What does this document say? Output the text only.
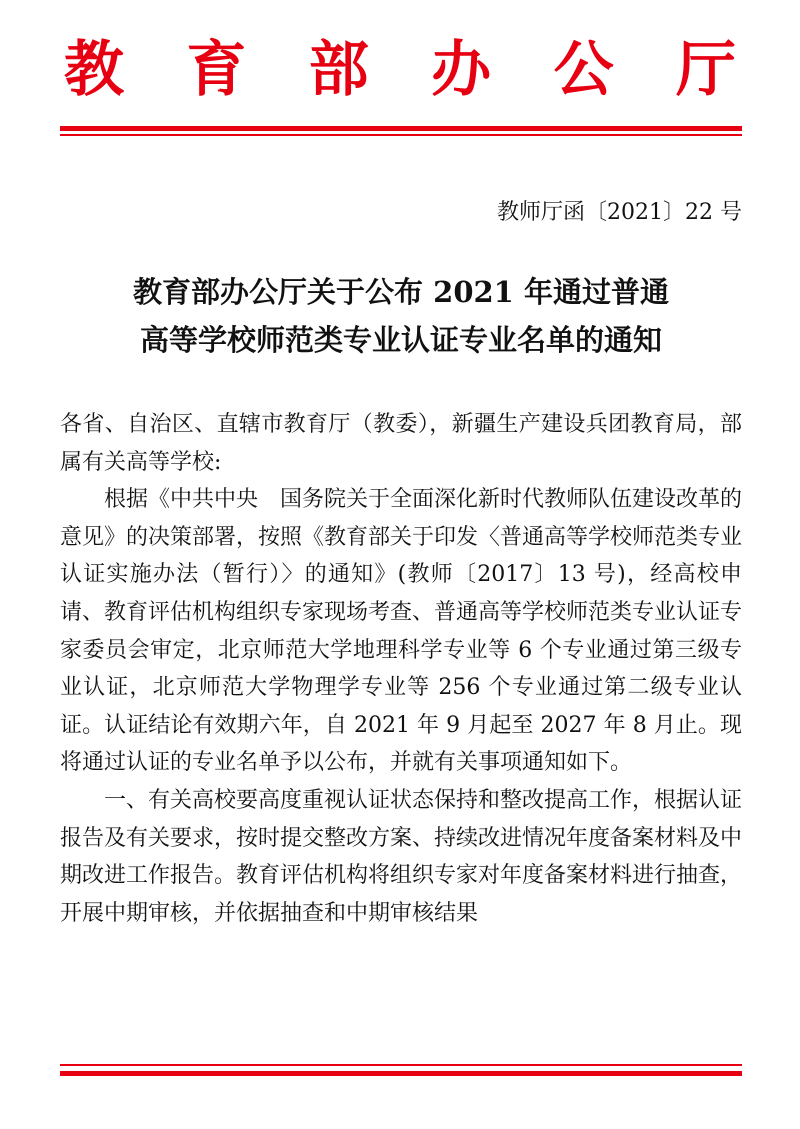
教 育 部 办 公 厅
教师厅函〔2021〕22 号
教育部办公厅关于公布 2021 年通过普通
高等学校师范类专业认证专业名单的通知

各省、自治区、直辖市教育厅（教委），新疆生产建设兵团教育局，部属有关高等学校:

根据《中共中央　国务院关于全面深化新时代教师队伍建设改革的意见》的决策部署，按照《教育部关于印发〈普通高等学校师范类专业认证实施办法（暂行）〉的通知》(教师〔2017〕13 号)，经高校申请、教育评估机构组织专家现场考查、普通高等学校师范类专业认证专家委员会审定，北京师范大学地理科学专业等 6 个专业通过第三级专业认证，北京师范大学物理学专业等 256 个专业通过第二级专业认证。认证结论有效期六年，自 2021 年 9 月起至 2027 年 8 月止。现将通过认证的专业名单予以公布，并就有关事项通知如下。

一、有关高校要高度重视认证状态保持和整改提高工作，根据认证报告及有关要求，按时提交整改方案、持续改进情况年度备案材料及中期改进工作报告。教育评估机构将组织专家对年度备案材料进行抽查，开展中期审核，并依据抽查和中期审核结果
